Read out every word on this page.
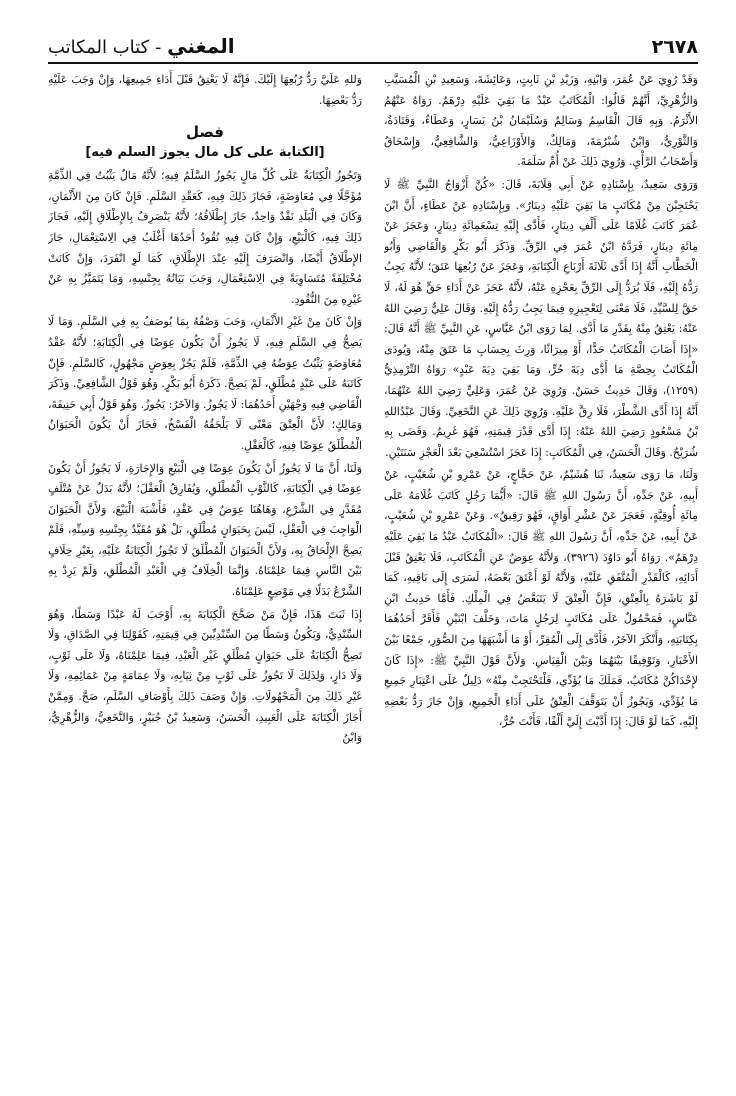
٢٦٧٨
المغني - كتاب المكاتب

وَقَدْ رُوِيَ عَنْ عُمَرَ، وَابْنِهِ، وَزَيْدِ بْنِ ثَابِتٍ، وَعَائِشَةَ، وَسَعِيدِ بْنِ الْمُسَيَّبِ وَالزُّهْرِيِّ، أَنَّهُمْ قَالُوا: الْمُكَاتَبُ عَبْدٌ مَا بَقِيَ عَلَيْهِ دِرْهَمٌ. رَوَاهُ عَنْهُمُ الأَثْرَمُ. وَبِهِ قَالَ الْقَاسِمُ وَسَالِمٌ وَسُلَيْمَانُ بْنُ يَسَارٍ، وَعَطَاءٌ، وَقَتَادَةُ، وَالثَّوْرِيُّ، وَابْنُ شُبْرُمَةَ، وَمَالِكٌ، وَالأَوْزَاعِيُّ، وَالشَّافِعِيُّ، وَإِسْحَاقُ وَأَصْحَابُ الرَّأْيِ. وَرُوِيَ ذَلِكَ عَنْ أُمِّ سَلَمَةَ.

وَرَوَى سَعِيدٌ، بِإِسْنَادِهِ عَنْ أَبِي قِلَابَةَ، قَالَ: «كُنَّ أَزْوَاجُ النَّبِيِّ ﷺ لَا يَحْتَجِبْنَ مِنْ مُكَاتَبٍ مَا بَقِيَ عَلَيْهِ دِينَارٌ». وَبِإِسْنَادِهِ عَنْ عَطَاءٍ، أَنَّ ابْنَ عُمَرَ كَاتَبَ غُلَامًا عَلَى أَلْفِ دِينَارٍ، فَأَدَّى إِلَيْهِ تِسْعَمِائَةِ دِينَارٍ، وَعَجَزَ عَنْ مِائَةِ دِينَارٍ، فَرَدَّهُ ابْنُ عُمَرَ فِي الرِّقِّ. وَذَكَرَ أَبُو بَكْرٍ وَالْقَاضِي وَأَبُو الْخَطَّابِ أَنَّهُ إِذَا أَدَّى ثَلَاثَةَ أَرْبَاعِ الْكِتَابَةِ، وَعَجَزَ عَنْ رُبُعِهَا عَتَقَ؛ لأَنَّهُ يَجِبُ رَدُّهُ إِلَيْهِ، فَلَا يُرَدُّ إِلَى الرِّقِّ بِعَجْزِهِ عَنْهُ، لأَنَّهُ عَجَزَ عَنْ أَدَاءِ حَقٍّ هُوَ لَهُ، لَا حَقَّ لِلسَّيِّدِ، فَلَا مَعْنَى لِتَعْجِيزِهِ فِيمَا يَجِبُ رَدُّهُ إِلَيْهِ. وَقَالَ عَلِيٌّ رَضِيَ اللهُ عَنْهُ: يَعْتِقُ مِنْهُ بِقَدْرِ مَا أَدَّى. لِمَا رَوَى ابْنُ عَبَّاسٍ، عَنِ النَّبِيِّ ﷺ أَنَّهُ قَالَ: «إِذَا أَصَابَ الْمُكَاتَبُ حَدًّا، أَوْ مِيرَاثًا، وَرِثَ بِحِسَابِ مَا عَتَقَ مِنْهُ، وَيُودَى الْمُكَاتَبُ بِحِصَّةِ مَا أَدَّى دِيَةَ حُرٍّ، وَمَا بَقِيَ دِيَةَ عَبْدٍ» رَوَاهُ التِّرْمِذِيُّ (١٢٥٩)، وَقَالَ حَدِيثٌ حَسَنٌ. وَرُوِيَ عَنْ عُمَرَ، وَعَلِيٍّ رَضِيَ اللهُ عَنْهُمَا، أَنَّهُ إِذَا أَدَّى الشَّطْرَ، فَلَا رِقَّ عَلَيْهِ. وَرُوِيَ ذَلِكَ عَنِ النَّخَعِيِّ. وَقَالَ عَبْدُاللهِ بْنُ مَسْعُودٍ رَضِيَ اللهُ عَنْهُ: إِذَا أَدَّى قَدْرَ قِيمَتِهِ، فَهُوَ غَرِيمٌ. وَقَضَى بِهِ شُرَيْحٌ. وَقَالَ الْحَسَنُ، فِي الْمُكَاتَبِ: إِذَا عَجَزَ اسْتُسْعِيَ بَعْدَ الْعَجْزِ سَنَتَيْنِ.

وَلَنَا، مَا رَوَى سَعِيدٌ، ثَنَا هُشَيْمٌ، عَنْ حَجَّاجٍ، عَنْ عَمْرِو بْنِ شُعَيْبٍ، عَنْ أَبِيهِ، عَنْ جَدِّهِ، أَنَّ رَسُولَ اللهِ ﷺ قَالَ: «أَيُّمَا رَجُلٍ كَاتَبَ غُلَامَهُ عَلَى مِائَةِ أُوقِيَّةٍ، فَعَجَزَ عَنْ عَشْرِ أَوَاقٍ، فَهُوَ رَقِيقٌ». وَعَنْ عَمْرِو بْنِ شُعَيْبٍ، عَنْ أَبِيهِ، عَنْ جَدِّهِ، أَنَّ رَسُولَ اللهِ ﷺ قَالَ: «الْمُكَاتَبُ عَبْدٌ مَا بَقِيَ عَلَيْهِ دِرْهَمٌ». رَوَاهُ أَبُو دَاوُدَ (٣٩٢٦)، وَلأَنَّهُ عِوَضٌ عَنِ الْمُكَاتَبِ، فَلَا يَعْتِقُ قَبْلَ أَدَائِهِ، كَالْقَدْرِ الْمُتَّفَقِ عَلَيْهِ، وَلأَنَّهُ لَوْ أَعْتَقَ بَعْضَهُ، لَسَرَى إِلَى بَاقِيهِ، كَمَا لَوْ بَاشَرَهُ بِالْعِتْقِ، فَإِنَّ الْعِتْقَ لَا يَتَبَعَّضُ فِي الْمِلْكِ. فَأَمَّا حَدِيثُ ابْنِ عَبَّاسٍ، فَمَحْمُولٌ عَلَى مُكَاتَبٍ لِرَجُلٍ مَاتَ، وَخَلَّفَ ابْنَيْنِ فَأَقَرَّ أَحَدُهُمَا بِكِتَابَتِهِ، وَأَنْكَرَ الآخَرُ، فَأَدَّى إِلَى الْمُقِرِّ، أَوْ مَا أَشْبَهَهَا مِنَ الصُّوَرِ، جَمْعًا بَيْنَ الأَخْبَارِ، وَتَوْفِيقًا بَيْنَهُمَا وَبَيْنَ الْقِيَاسِ. وَلأَنَّ قَوْلَ النَّبِيِّ ﷺ: «إِذَا كَانَ لإِحْدَاكُنَّ مُكَاتَبٌ، فَمَلَكَ مَا يُؤَدِّي، فَلْتَحْتَجِبْ مِنْهُ» دَلِيلٌ عَلَى اعْتِبَارِ جَمِيعِ مَا يُؤَدِّي، وَيَجُوزُ أَنْ يَتَوَقَّفَ الْعِتْقُ عَلَى أَدَاءِ الْجَمِيعِ، وَإِنْ جَازَ رَدُّ بَعْضِهِ إِلَيْهِ، كَمَا لَوْ قَالَ: إِذَا أَدَّيْتَ إِلَيَّ أَلْفًا، فَأَنْتَ حُرٌّ،

وَللهِ عَلَيَّ رَدُّ رُبُعِهَا إِلَيْكَ. فَإِنَّهُ لَا يَعْتِقُ قَبْلَ أَدَاءِ جَمِيعِهَا، وَإِنْ وَجَبَ عَلَيْهِ رَدُّ بَعْضِهَا.

فصل
[الكتابة على كل مال يجوز السلم فيه]

وَتَجُوزُ الْكِتَابَةُ عَلَى كُلِّ مَالٍ يَجُوزُ السَّلَمُ فِيهِ؛ لأَنَّهُ مَالٌ يَثْبُتُ فِي الذِّمَّةِ مُؤَجَّلًا فِي مُعَاوَضَةٍ، فَجَازَ ذَلِكَ فِيهِ، كَعَقْدِ السَّلَمِ. فَإِنْ كَانَ مِنَ الأَثْمَانِ، وَكَانَ فِي الْبَلَدِ نَقْدٌ وَاحِدٌ، جَازَ إِطْلَاقُهُ؛ لأَنَّهُ يَنْصَرِفُ بِالإِطْلَاقِ إِلَيْهِ، فَجَازَ ذَلِكَ فِيهِ، كَالْبَيْعِ، وَإِنْ كَانَ فِيهِ نُقُودٌ أَحَدُهَا أَغْلَبُ فِي الِاسْتِعْمَالِ، جَازَ الإِطْلَاقُ أَيْضًا، وَانْصَرَفَ إِلَيْهِ عِنْدَ الإِطْلَاقِ، كَمَا لَوِ انْفَرَدَ، وَإِنْ كَانَتْ مُخْتَلِفَةً مُتَسَاوِيَةً فِي الِاسْتِعْمَالِ، وَجَبَ بَيَانُهُ بِجِنْسِهِ، وَمَا يَتَمَيَّزُ بِهِ عَنْ غَيْرِهِ مِنَ النُّقُودِ.

وَإِنْ كَانَ مِنْ غَيْرِ الأَثْمَانِ، وَجَبَ وَصْفُهُ بِمَا يُوصَفُ بِهِ فِي السَّلَمِ. وَمَا لَا يَصِحُّ فِي السَّلَمِ فِيهِ، لَا يَجُوزُ أَنْ يَكُونَ عِوَضًا فِي الْكِتَابَةِ؛ لأَنَّهُ عَقْدُ مُعَاوَضَةٍ يَثْبُتُ عِوَضُهُ فِي الذِّمَّةِ، فَلَمْ يَجُزْ بِعِوَضٍ مَجْهُولٍ، كَالسَّلَمِ. فَإِنْ كَاتَبَهُ عَلَى عَبْدٍ مُطْلَقٍ، لَمْ يَصِحَّ. ذَكَرَهُ أَبُو بَكْرٍ. وَهُوَ قَوْلُ الشَّافِعِيِّ. وَذَكَرَ الْقَاضِي فِيهِ وَجْهَيْنِ أَحَدُهُمَا: لَا يَجُوزُ. وَالآخَرُ: يَجُوزُ. وَهُوَ قَوْلُ أَبِي حَنِيفَةَ، وَمَالِكٍ؛ لأَنَّ الْعِتْقَ مَعْنًى لَا يَلْحَقُهُ الْفَسْخُ، فَجَازَ أَنْ يَكُونَ الْحَيَوَانُ الْمُطْلَقُ عِوَضًا فِيهِ، كَالْعَقْلِ.

وَلَنَا، أَنَّ مَا لَا يَجُوزُ أَنْ يَكُونَ عِوَضًا فِي الْبَيْعِ وَالإِجَارَةِ، لَا يَجُوزُ أَنْ يَكُونَ عِوَضًا فِي الْكِتَابَةِ، كَالثَّوْبِ الْمُطْلَقِ، وَيُفَارِقُ الْعَقْلَ؛ لأَنَّهُ بَدَلٌ عَنْ مُتْلَفٍ مُقَدَّرٍ فِي الشَّرْعِ، وَهَاهُنَا عِوَضٌ فِي عَقْدٍ، فَأَشْبَهَ الْبَيْعَ، وَلأَنَّ الْحَيَوَانَ الْوَاجِبَ فِي الْعَقْلِ، لَيْسَ بِحَيَوَانٍ مُطْلَقٍ، بَلْ هُوَ مُقَيَّدٌ بِجِنْسِهِ وَسِنِّهِ، فَلَمْ يَصِحَّ الإِلْحَاقُ بِهِ، وَلأَنَّ الْحَيَوَانَ الْمُطْلَقَ لَا تَجُوزُ الْكِتَابَةُ عَلَيْهِ، بِغَيْرِ خِلَافٍ بَيْنَ النَّاسِ فِيمَا عَلِمْنَاهُ. وَإِنَّمَا الْخِلَافُ فِي الْعَبْدِ الْمُطْلَقِ، وَلَمْ يَرِدْ بِهِ الشَّرْعُ بَدَلًا فِي مَوْضِعٍ عَلِمْنَاهُ.

إِذَا ثَبَتَ هَذَا، فَإِنْ مَنْ صَحَّحَ الْكِتَابَةَ بِهِ، أَوْجَبَ لَهُ عَبْدًا وَسَطًا، وَهُوَ السِّنْدِيُّ، وَيَكُونُ وَسَطًا مِنَ السِّنْدِيِّينَ فِي قِيمَتِهِ، كَقَوْلِنَا فِي الصَّدَاقِ، وَلَا تَصِحُّ الْكِتَابَةُ عَلَى حَيَوَانٍ مُطْلَقٍ غَيْرِ الْعَبْدِ، فِيمَا عَلِمْنَاهُ، وَلَا عَلَى ثَوْبٍ، وَلَا دَارٍ، وَلِذَلِكَ لَا تَجُوزُ عَلَى ثَوْبٍ مِنْ ثِيَابِهِ، وَلَا عِمَامَةٍ مِنْ عَمَائِمِهِ، وَلَا غَيْرِ ذَلِكَ مِنَ الْمَجْهُولَاتِ. وَإِنْ وَصَفَ ذَلِكَ بِأَوْصَافِ السَّلَمِ، صَحَّ. وَمِمَّنْ أَجَازَ الْكِتَابَةَ عَلَى الْعَبِيدِ، الْحَسَنُ، وَسَعِيدُ بْنُ جُبَيْرٍ، وَالنَّخَعِيُّ، وَالزُّهْرِيُّ، وَابْنُ
